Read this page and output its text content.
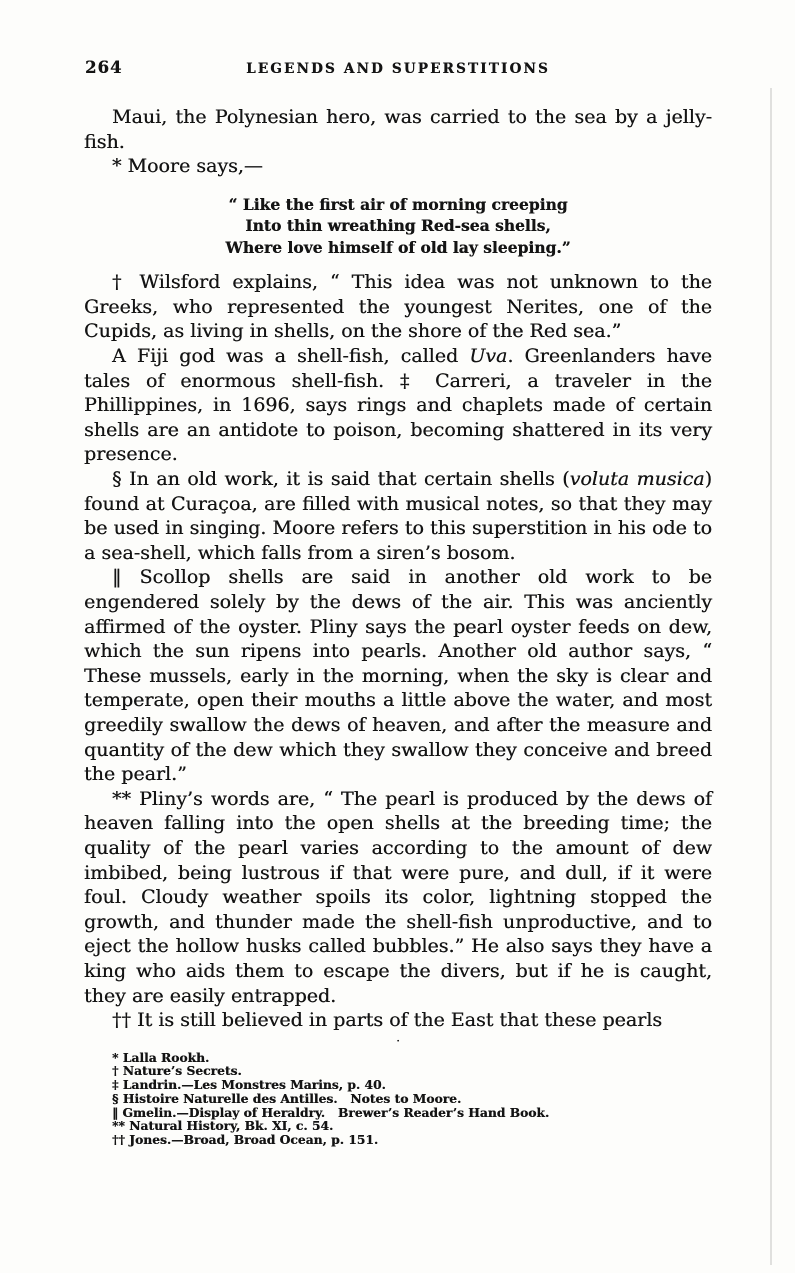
264	LEGENDS AND SUPERSTITIONS

Maui, the Polynesian hero, was carried to the sea by a jelly-fish.

* Moore says,—

“ Like the first air of morning creeping
Into thin wreathing Red-sea shells,
Where love himself of old lay sleeping.”

† Wilsford explains, “ This idea was not unknown to the Greeks, who represented the youngest Nerites, one of the Cupids, as living in shells, on the shore of the Red sea.”

A Fiji god was a shell-fish, called Uva. Greenlanders have tales of enormous shell-fish. ‡ Carreri, a traveler in the Phillippines, in 1696, says rings and chaplets made of certain shells are an antidote to poison, becoming shattered in its very presence.

§ In an old work, it is said that certain shells (voluta musica) found at Curaçoa, are filled with musical notes, so that they may be used in singing. Moore refers to this superstition in his ode to a sea-shell, which falls from a siren’s bosom.

‖ Scollop shells are said in another old work to be engendered solely by the dews of the air. This was anciently affirmed of the oyster. Pliny says the pearl oyster feeds on dew, which the sun ripens into pearls. Another old author says, “ These mussels, early in the morning, when the sky is clear and temperate, open their mouths a little above the water, and most greedily swallow the dews of heaven, and after the measure and quantity of the dew which they swallow they conceive and breed the pearl.”

** Pliny’s words are, “ The pearl is produced by the dews of heaven falling into the open shells at the breeding time; the quality of the pearl varies according to the amount of dew imbibed, being lustrous if that were pure, and dull, if it were foul. Cloudy weather spoils its color, lightning stopped the growth, and thunder made the shell-fish unproductive, and to eject the hollow husks called bubbles.” He also says they have a king who aids them to escape the divers, but if he is caught, they are easily entrapped.

†† It is still believed in parts of the East that these pearls

·
* Lalla Rookh.
† Nature’s Secrets.
‡ Landrin.—Les Monstres Marins, p. 40.
§ Histoire Naturelle des Antilles.   Notes to Moore.
‖ Gmelin.—Display of Heraldry.   Brewer’s Reader’s Hand Book.
** Natural History, Bk. XI, c. 54.
†† Jones.—Broad, Broad Ocean, p. 151.
